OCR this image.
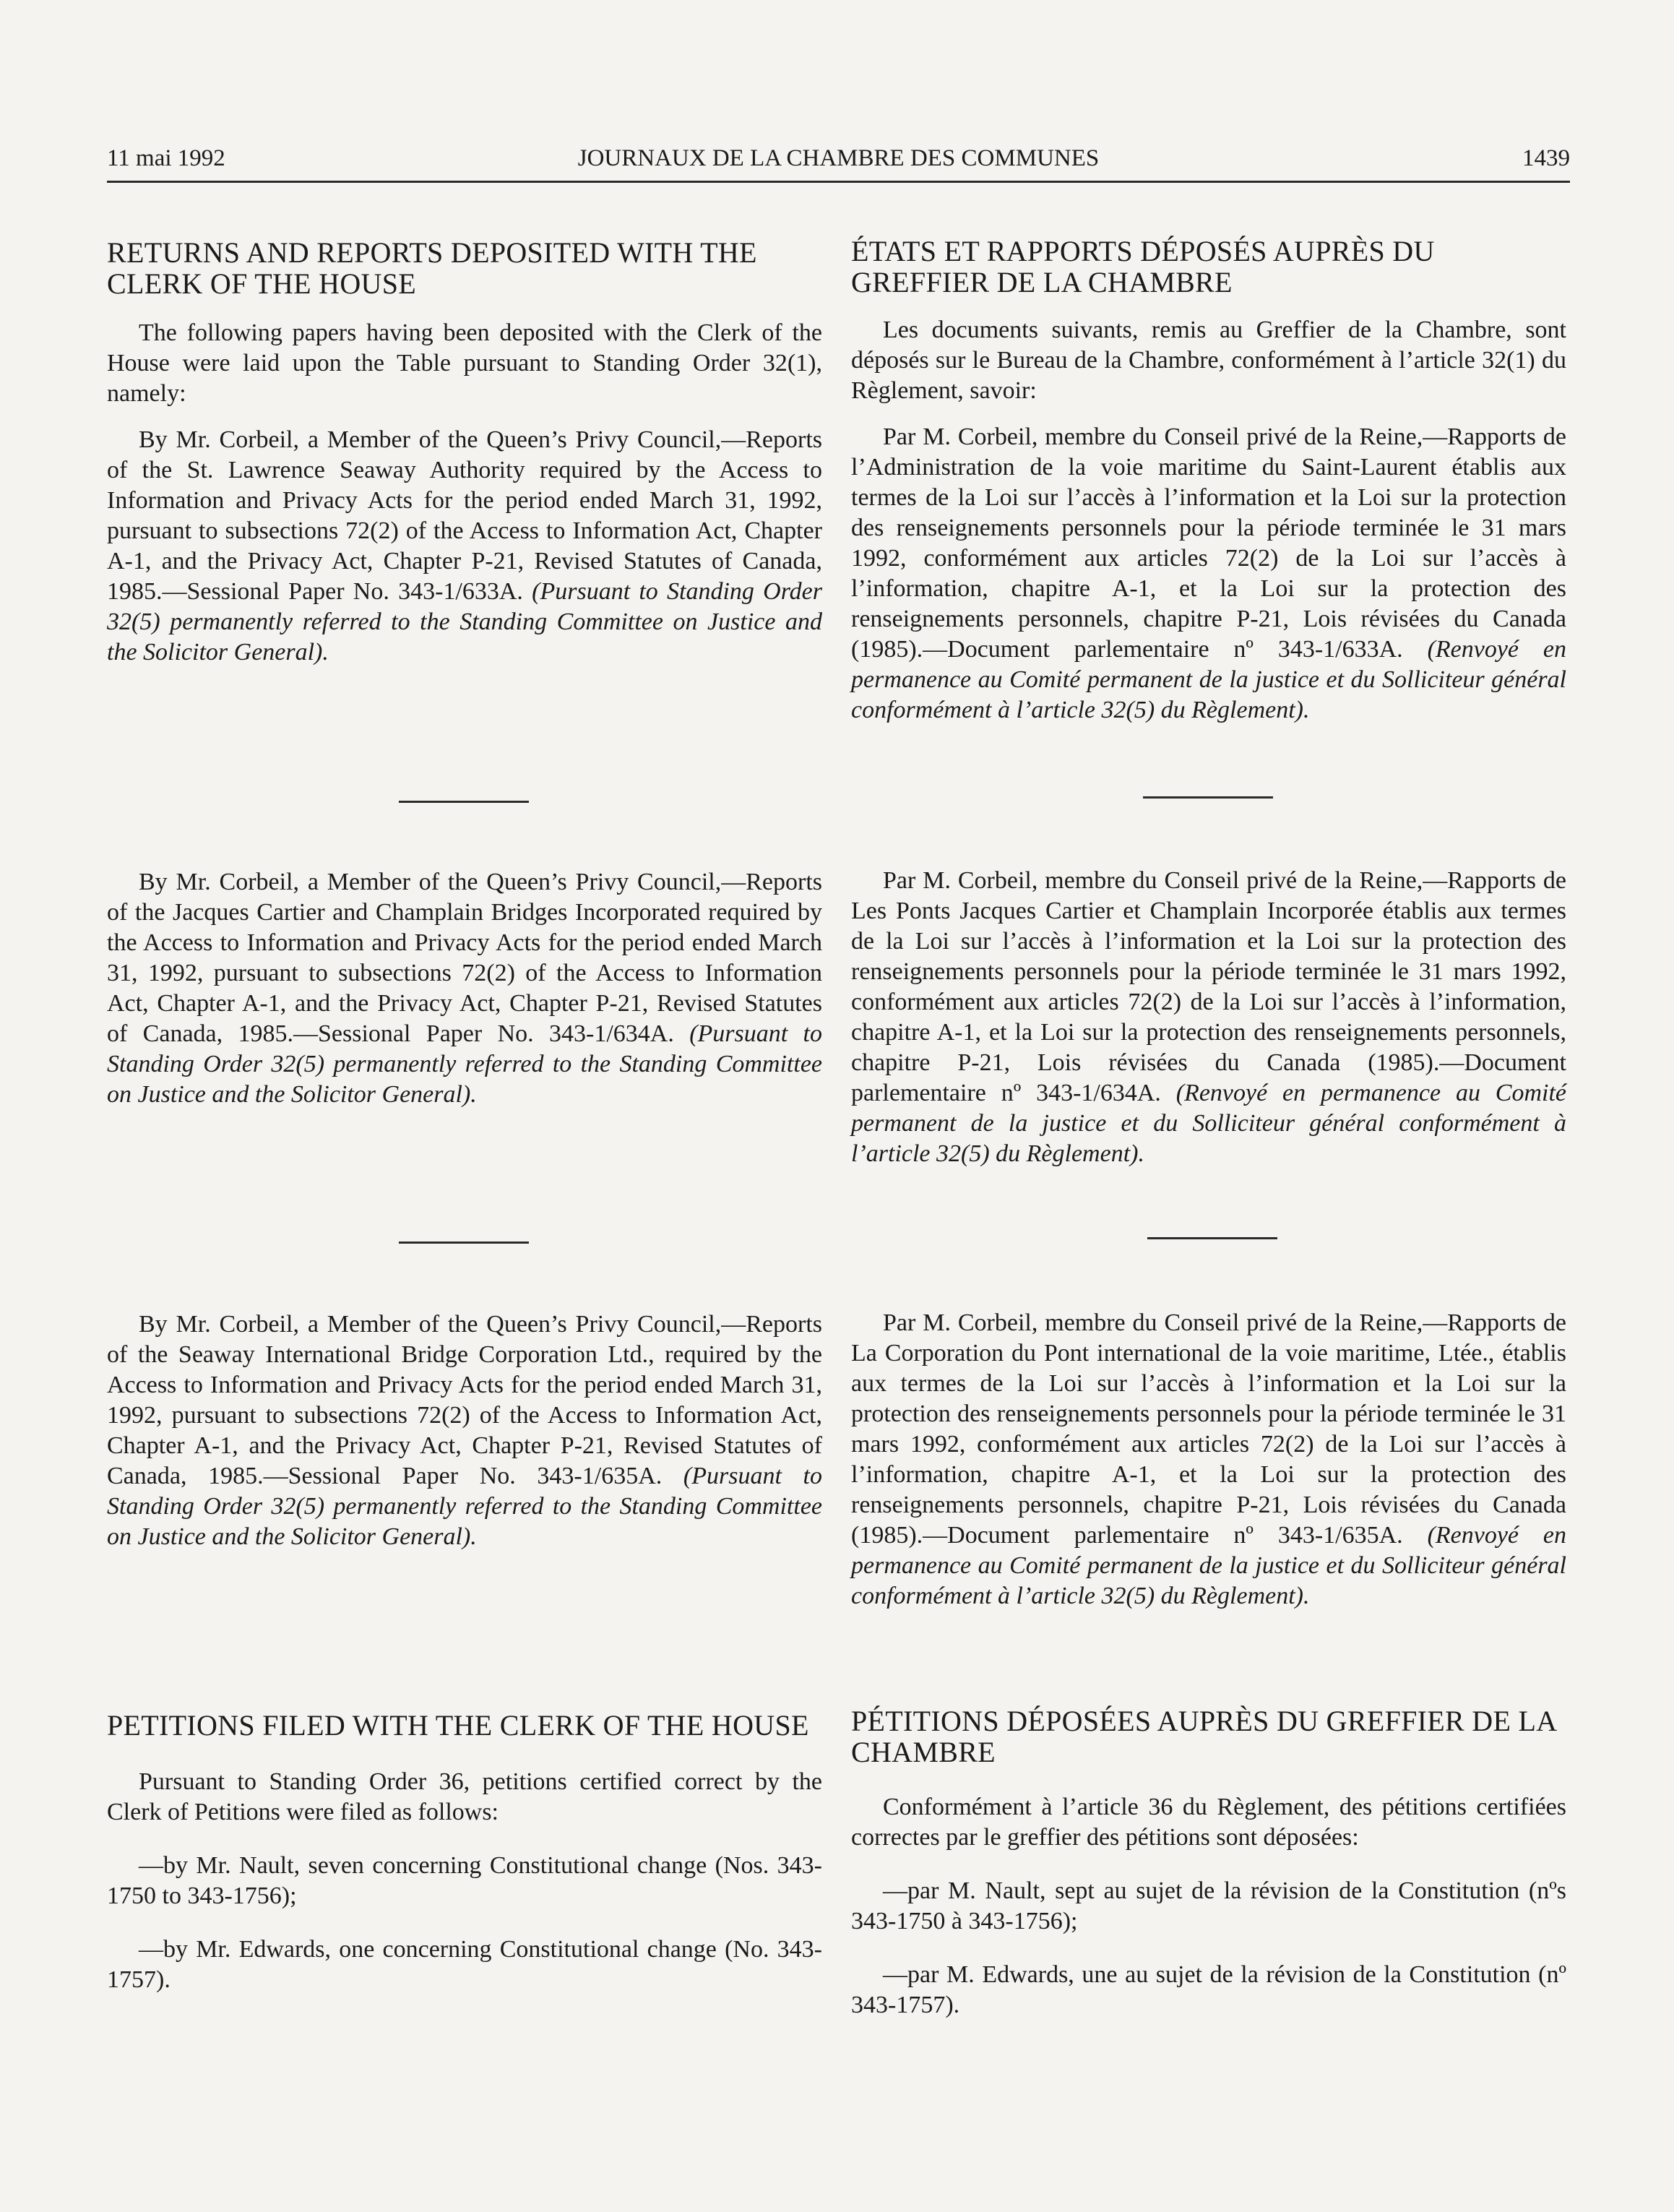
11 mai 1992	JOURNAUX DE LA CHAMBRE DES COMMUNES	1439
RETURNS AND REPORTS DEPOSITED WITH THE CLERK OF THE HOUSE

The following papers having been deposited with the Clerk of the House were laid upon the Table pursuant to Standing Order 32(1), namely:

By Mr. Corbeil, a Member of the Queen’s Privy Council,—Reports of the St. Lawrence Seaway Authority required by the Access to Information and Privacy Acts for the period ended March 31, 1992, pursuant to subsections 72(2) of the Access to Information Act, Chapter A-1, and the Privacy Act, Chapter P-21, Revised Statutes of Canada, 1985.—Sessional Paper No. 343-1/633A. (Pursuant to Standing Order 32(5) permanently referred to the Standing Committee on Justice and the Solicitor General).

By Mr. Corbeil, a Member of the Queen’s Privy Council,—Reports of the Jacques Cartier and Champlain Bridges Incorporated required by the Access to Information and Privacy Acts for the period ended March 31, 1992, pursuant to subsections 72(2) of the Access to Information Act, Chapter A-1, and the Privacy Act, Chapter P-21, Revised Statutes of Canada, 1985.—Sessional Paper No. 343-1/634A. (Pursuant to Standing Order 32(5) permanently referred to the Standing Committee on Justice and the Solicitor General).

By Mr. Corbeil, a Member of the Queen’s Privy Council,—Reports of the Seaway International Bridge Corporation Ltd., required by the Access to Information and Privacy Acts for the period ended March 31, 1992, pursuant to subsections 72(2) of the Access to Information Act, Chapter A-1, and the Privacy Act, Chapter P-21, Revised Statutes of Canada, 1985.—Sessional Paper No. 343-1/635A. (Pursuant to Standing Order 32(5) permanently referred to the Standing Committee on Justice and the Solicitor General).

PETITIONS FILED WITH THE CLERK OF THE HOUSE

Pursuant to Standing Order 36, petitions certified correct by the Clerk of Petitions were filed as follows:

—by Mr. Nault, seven concerning Constitutional change (Nos. 343-1750 to 343-1756);

—by Mr. Edwards, one concerning Constitutional change (No. 343-1757).

ÉTATS ET RAPPORTS DÉPOSÉS AUPRÈS DU GREFFIER DE LA CHAMBRE

Les documents suivants, remis au Greffier de la Chambre, sont déposés sur le Bureau de la Chambre, conformément à l’article 32(1) du Règlement, savoir:

Par M. Corbeil, membre du Conseil privé de la Reine,—Rapports de l’Administration de la voie maritime du Saint-Laurent établis aux termes de la Loi sur l’accès à l’information et la Loi sur la protection des renseignements personnels pour la période terminée le 31 mars 1992, conformément aux articles 72(2) de la Loi sur l’accès à l’information, chapitre A-1, et la Loi sur la protection des renseignements personnels, chapitre P-21, Lois révisées du Canada (1985).—Document parlementaire nº 343-1/633A. (Renvoyé en permanence au Comité permanent de la justice et du Solliciteur général conformément à l’article 32(5) du Règlement).

Par M. Corbeil, membre du Conseil privé de la Reine,—Rapports de Les Ponts Jacques Cartier et Champlain Incorporée établis aux termes de la Loi sur l’accès à l’information et la Loi sur la protection des renseignements personnels pour la période terminée le 31 mars 1992, conformément aux articles 72(2) de la Loi sur l’accès à l’information, chapitre A-1, et la Loi sur la protection des renseignements personnels, chapitre P-21, Lois révisées du Canada (1985).—Document parlementaire nº 343-1/634A. (Renvoyé en permanence au Comité permanent de la justice et du Solliciteur général conformément à l’article 32(5) du Règlement).

Par M. Corbeil, membre du Conseil privé de la Reine,—Rapports de La Corporation du Pont international de la voie maritime, Ltée., établis aux termes de la Loi sur l’accès à l’information et la Loi sur la protection des renseignements personnels pour la période terminée le 31 mars 1992, conformément aux articles 72(2) de la Loi sur l’accès à l’information, chapitre A-1, et la Loi sur la protection des renseignements personnels, chapitre P-21, Lois révisées du Canada (1985).—Document parlementaire nº 343-1/635A. (Renvoyé en permanence au Comité permanent de la justice et du Solliciteur général conformément à l’article 32(5) du Règlement).

PÉTITIONS DÉPOSÉES AUPRÈS DU GREFFIER DE LA CHAMBRE

Conformément à l’article 36 du Règlement, des pétitions certifiées correctes par le greffier des pétitions sont déposées:

—par M. Nault, sept au sujet de la révision de la Constitution (nºs 343-1750 à 343-1756);

—par M. Edwards, une au sujet de la révision de la Constitution (nº 343-1757).
